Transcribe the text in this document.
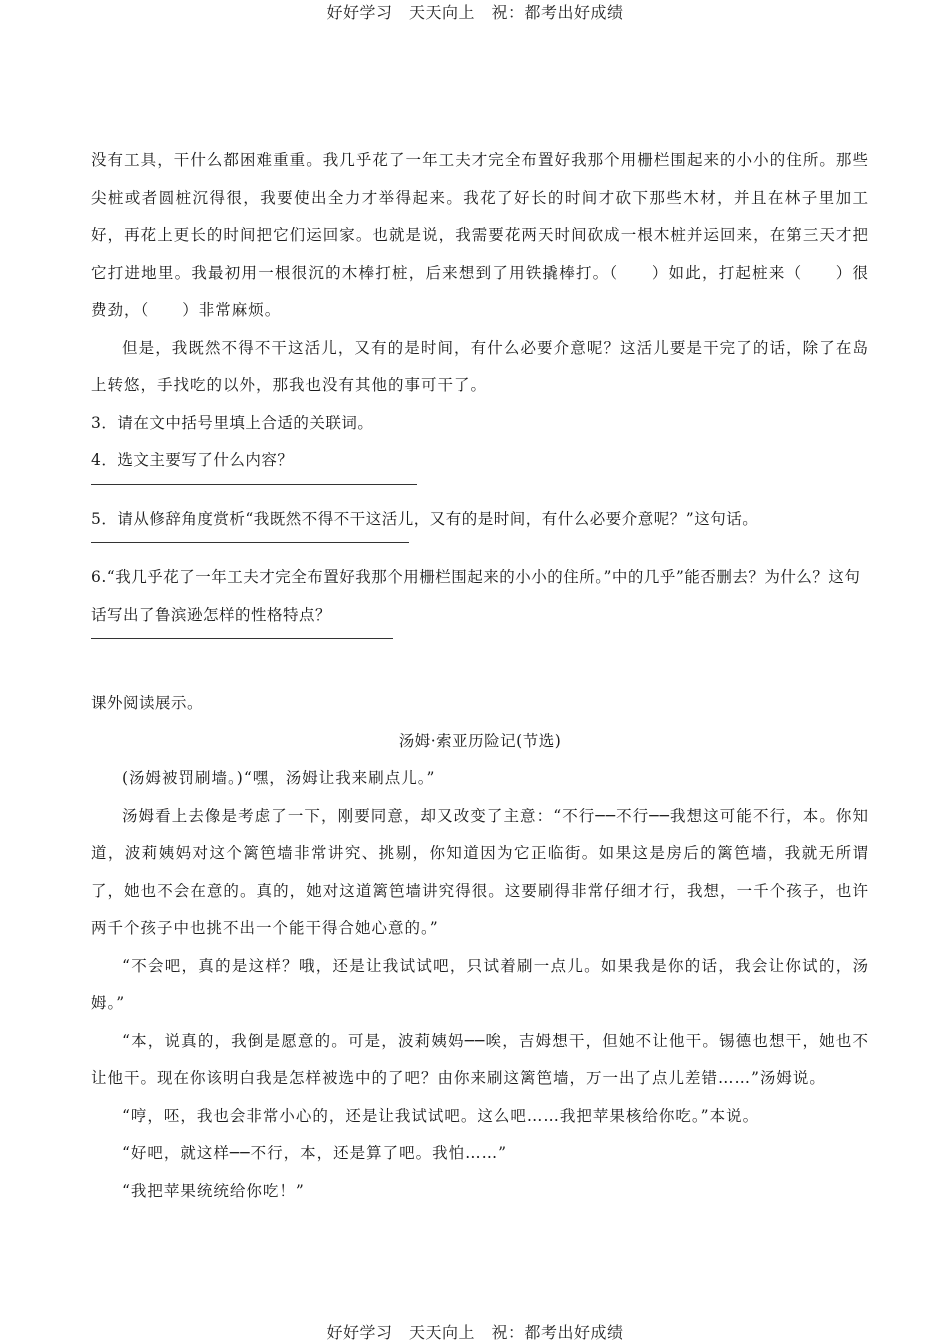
好好学习　天天向上　祝：都考出好成绩

没有工具，干什么都困难重重。我几乎花了一年工夫才完全布置好我那个用栅栏围起来的小小的住所。那些尖桩或者圆桩沉得很，我要使出全力才举得起来。我花了好长的时间才砍下那些木材，并且在林子里加工好，再花上更长的时间把它们运回家。也就是说，我需要花两天时间砍成一根木桩并运回来，在第三天才把它打进地里。我最初用一根很沉的木棒打桩，后来想到了用铁撬棒打。（　　）如此，打起桩来（　　）很费劲，（　　）非常麻烦。

但是，我既然不得不干这活儿，又有的是时间，有什么必要介意呢？这活儿要是干完了的话，除了在岛上转悠，手找吃的以外，那我也没有其他的事可干了。

3．请在文中括号里填上合适的关联词。

4．选文主要写了什么内容？

5．请从修辞角度赏析“我既然不得不干这活儿，又有的是时间，有什么必要介意呢？”这句话。

6.“我几乎花了一年工夫才完全布置好我那个用栅栏围起来的小小的住所。”中的几乎”能否删去？为什么？这句话写出了鲁滨逊怎样的性格特点？

课外阅读展示。

汤姆·索亚历险记(节选)

(汤姆被罚刷墙。)“嘿，汤姆让我来刷点儿。”

汤姆看上去像是考虑了一下，刚要同意，却又改变了主意：“不行──不行──我想这可能不行，本。你知道，波莉姨妈对这个篱笆墙非常讲究、挑剔，你知道因为它正临街。如果这是房后的篱笆墙，我就无所谓了，她也不会在意的。真的，她对这道篱笆墙讲究得很。这要刷得非常仔细才行，我想，一千个孩子，也许两千个孩子中也挑不出一个能干得合她心意的。”

“不会吧，真的是这样？哦，还是让我试试吧，只试着刷一点儿。如果我是你的话，我会让你试的，汤姆。”

“本，说真的，我倒是愿意的。可是，波莉姨妈──唉，吉姆想干，但她不让他干。锡德也想干，她也不让他干。现在你该明白我是怎样被选中的了吧？由你来刷这篱笆墙，万一出了点儿差错……”汤姆说。

“哼，呸，我也会非常小心的，还是让我试试吧。这么吧……我把苹果核给你吃。”本说。

“好吧，就这样──不行，本，还是算了吧。我怕……”

“我把苹果统统给你吃！”

好好学习　天天向上　祝：都考出好成绩
